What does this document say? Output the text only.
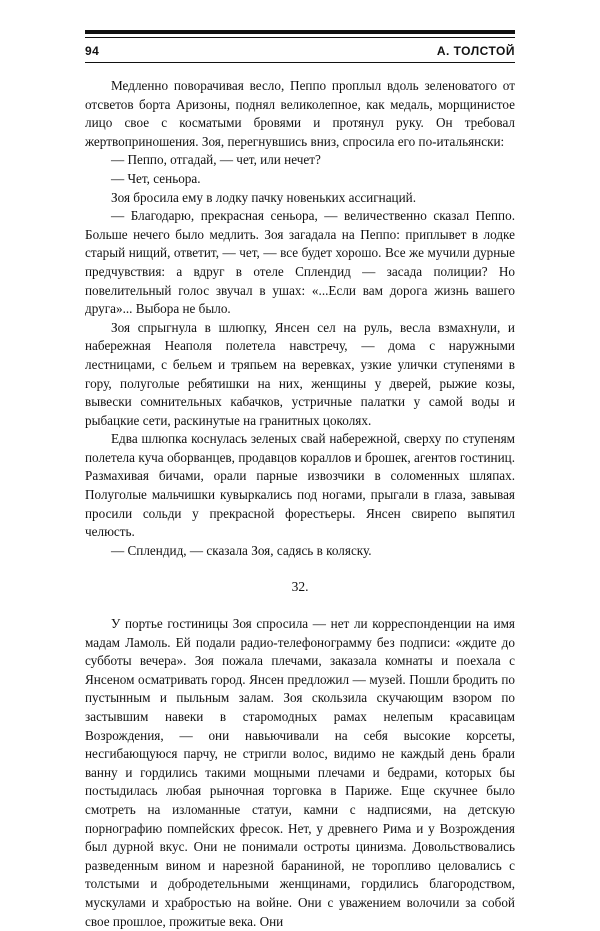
94	А. ТОЛСТОЙ

Медленно поворачивая весло, Пеппо проплыл вдоль зеленоватого от отсветов борта Аризоны, поднял великолепное, как медаль, морщинистое лицо свое с косматыми бровями и протянул руку. Он требовал жертвоприношения. Зоя, перегнувшись вниз, спросила его по-итальянски:

— Пеппо, отгадай, — чет, или нечет?

— Чет, сеньора.

Зоя бросила ему в лодку пачку новеньких ассигнаций.

— Благодарю, прекрасная сеньора, — величественно сказал Пеппо. Больше нечего было медлить. Зоя загадала на Пеппо: приплывет в лодке старый нищий, ответит, — чет, — все будет хорошо. Все же мучили дурные предчувствия: а вдруг в отеле Сплендид — засада полиции? Но повелительный голос звучал в ушах: «...Если вам дорога жизнь вашего друга»... Выбора не было.

Зоя спрыгнула в шлюпку, Янсен сел на руль, весла взмахнули, и набережная Неаполя полетела навстречу, — дома с наружными лестницами, с бельем и тряпьем на веревках, узкие улички ступенями в гору, полуголые ребятишки на них, женщины у дверей, рыжие козы, вывески сомнительных кабачков, устричные палатки у самой воды и рыбацкие сети, раскинутые на гранитных цоколях.

Едва шлюпка коснулась зеленых свай набережной, сверху по ступеням полетела куча оборванцев, продавцов кораллов и брошек, агентов гостиниц. Размахивая бичами, орали парные извозчики в соломенных шляпах. Полуголые мальчишки кувыркались под ногами, прыгали в глаза, завывая просили сольди у прекрасной форестьеры. Янсен свирепо выпятил челюсть.

— Сплендид, — сказала Зоя, садясь в коляску.

32.

У портье гостиницы Зоя спросила — нет ли корреспонденции на имя мадам Ламоль. Ей подали радио-телефонограмму без подписи: «ждите до субботы вечера». Зоя пожала плечами, заказала комнаты и поехала с Янсеном осматривать город. Янсен предложил — музей. Пошли бродить по пустынным и пыльным залам. Зоя скользила скучающим взором по застывшим навеки в старомодных рамах нелепым красавицам Возрождения, — они навьючивали на себя высокие корсеты, несгибающуюся парчу, не стригли волос, видимо не каждый день брали ванну и гордились такими мощными плечами и бедрами, которых бы постыдилась любая рыночная торговка в Париже. Еще скучнее было смотреть на изломанные статуи, камни с надписями, на детскую порнографию помпейских фресок. Нет, у древнего Рима и у Возрождения был дурной вкус. Они не понимали остроты цинизма. Довольствовались разведенным вином и нарезной бараниной, не торопливо целовались с толстыми и добродетельными женщинами, гордились благородством, мускулами и храбростью на войне. Они с уважением волочили за собой свое прошлое, прожитые века. Они
